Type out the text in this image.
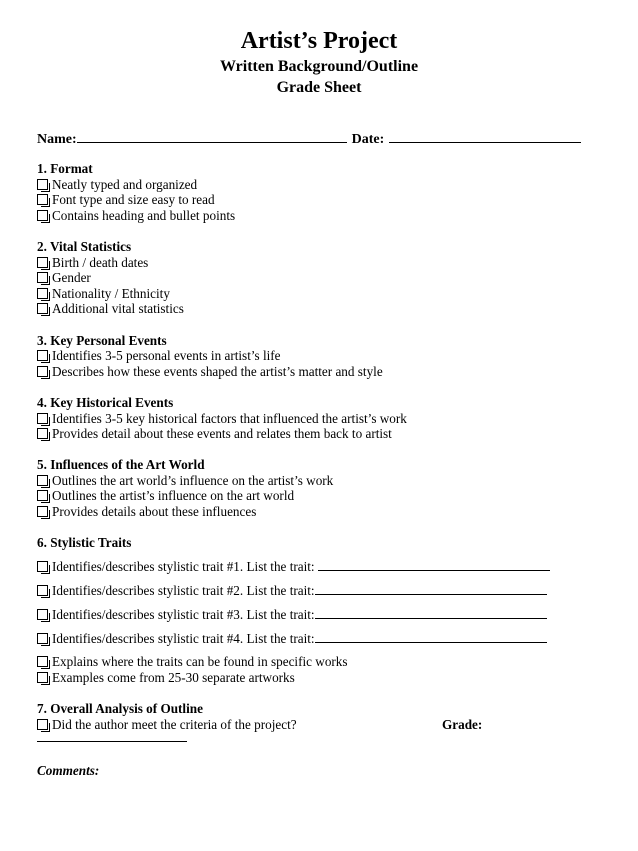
Artist’s Project
Written Background/Outline
Grade Sheet
Name:	Date:
1. Format
Neatly typed and organized
Font type and size easy to read
Contains heading and bullet points
2. Vital Statistics
Birth / death dates
Gender
Nationality / Ethnicity
Additional vital statistics
3. Key Personal Events
Identifies 3-5 personal events in artist’s life
Describes how these events shaped the artist’s matter and style
4. Key Historical Events
Identifies 3-5 key historical factors that influenced the artist’s work
Provides detail about these events and relates them back to artist
5. Influences of the Art World
Outlines the art world’s influence on the artist’s work
Outlines the artist’s influence on the art world
Provides details about these influences
6. Stylistic Traits
Identifies/describes stylistic trait #1. List the trait:
Identifies/describes stylistic trait #2. List the trait:
Identifies/describes stylistic trait #3. List the trait:
Identifies/describes stylistic trait #4. List the trait:
Explains where the traits can be found in specific works
Examples come from 25-30 separate artworks
7. Overall Analysis of Outline
Did the author meet the criteria of the project?	Grade:
Comments:
